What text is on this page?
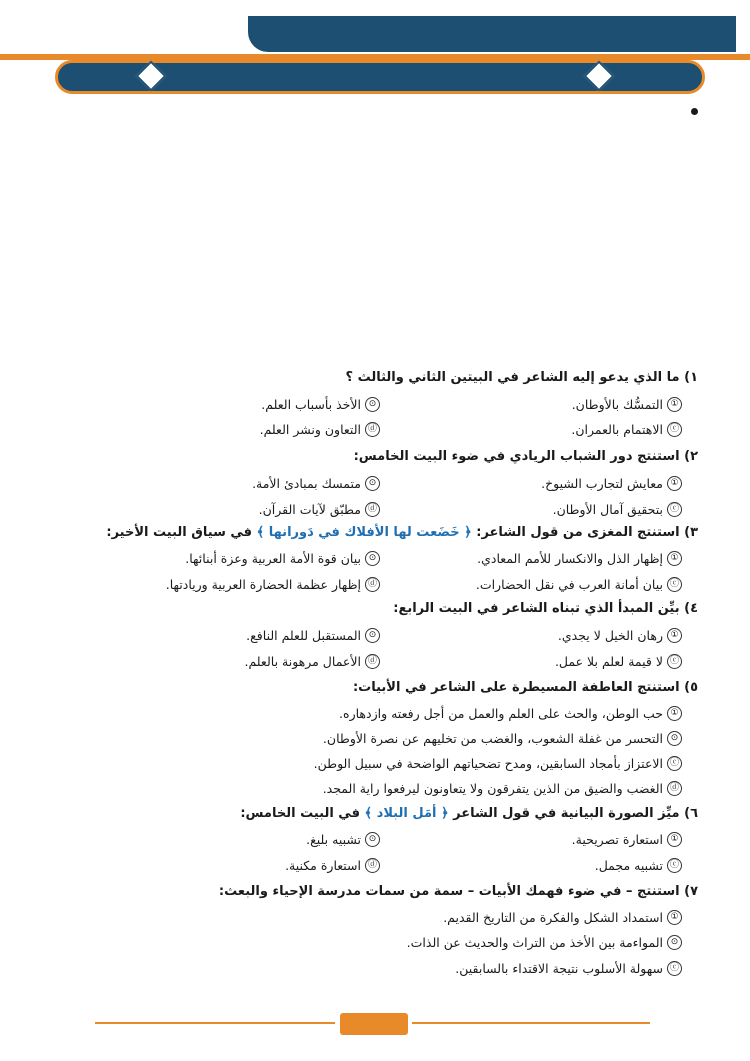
١) ما الذي يدعو إليه الشاعر في البيتين الثاني والثالث ؟
①
التمسُّك بالأوطان.
⊙
الأخذ بأسباب العلم.
ⓒ
الاهتمام بالعمران.
ⓓ
التعاون ونشر العلم.
٢) استنتج دور الشباب الريادي في ضوء البيت الخامس:
①
معايش لتجارب الشيوخ.
⊙
متمسك بمبادئ الأمة.
ⓒ
بتحقيق آمال الأوطان.
ⓓ
مطبّق لآيات القرآن.
٣) استنتج المغزى من قول الشاعر: ﴿ خَضَعت لها الأفلاك في دَورانها ﴾ في سياق البيت الأخير:
①
إظهار الذل والانكسار للأمم المعادي.
⊙
بيان قوة الأمة العربية وعزة أبنائها.
ⓒ
بيان أمانة العرب في نقل الحضارات.
ⓓ
إظهار عظمة الحضارة العربية وريادتها.
٤) بيِّن المبدأ الذي تبناه الشاعر في البيت الرابع:
①
رهان الخيل لا يجدي.
⊙
المستقبل للعلم النافع.
ⓒ
لا قيمة لعلم بلا عمل.
ⓓ
الأعمال مرهونة بالعلم.
٥) استنتج العاطفة المسيطرة على الشاعر في الأبيات:
①
حب الوطن، والحث على العلم والعمل من أجل رفعته وازدهاره.
⊙
التحسر من غفلة الشعوب، والغضب من تخليهم عن نصرة الأوطان.
ⓒ
الاعتزاز بأمجاد السابقين، ومدح تضحياتهم الواضحة في سبيل الوطن.
ⓓ
الغضب والضيق من الذين يتفرقون ولا يتعاونون ليرفعوا راية المجد.
٦) ميِّز الصورة البيانية في قول الشاعر ﴿ أمَل البلاد ﴾ في البيت الخامس:
①
استعارة تصريحية.
⊙
تشبيه بليغ.
ⓒ
تشبيه مجمل.
ⓓ
استعارة مكنية.
٧) استنتج – في ضوء فهمك الأبيات – سمة من سمات مدرسة الإحياء والبعث:
①
استمداد الشكل والفكرة من التاريخ القديم.
⊙
المواءمة بين الأخذ من التراث والحديث عن الذات.
ⓒ
سهولة الأسلوب نتيجة الاقتداء بالسابقين.
